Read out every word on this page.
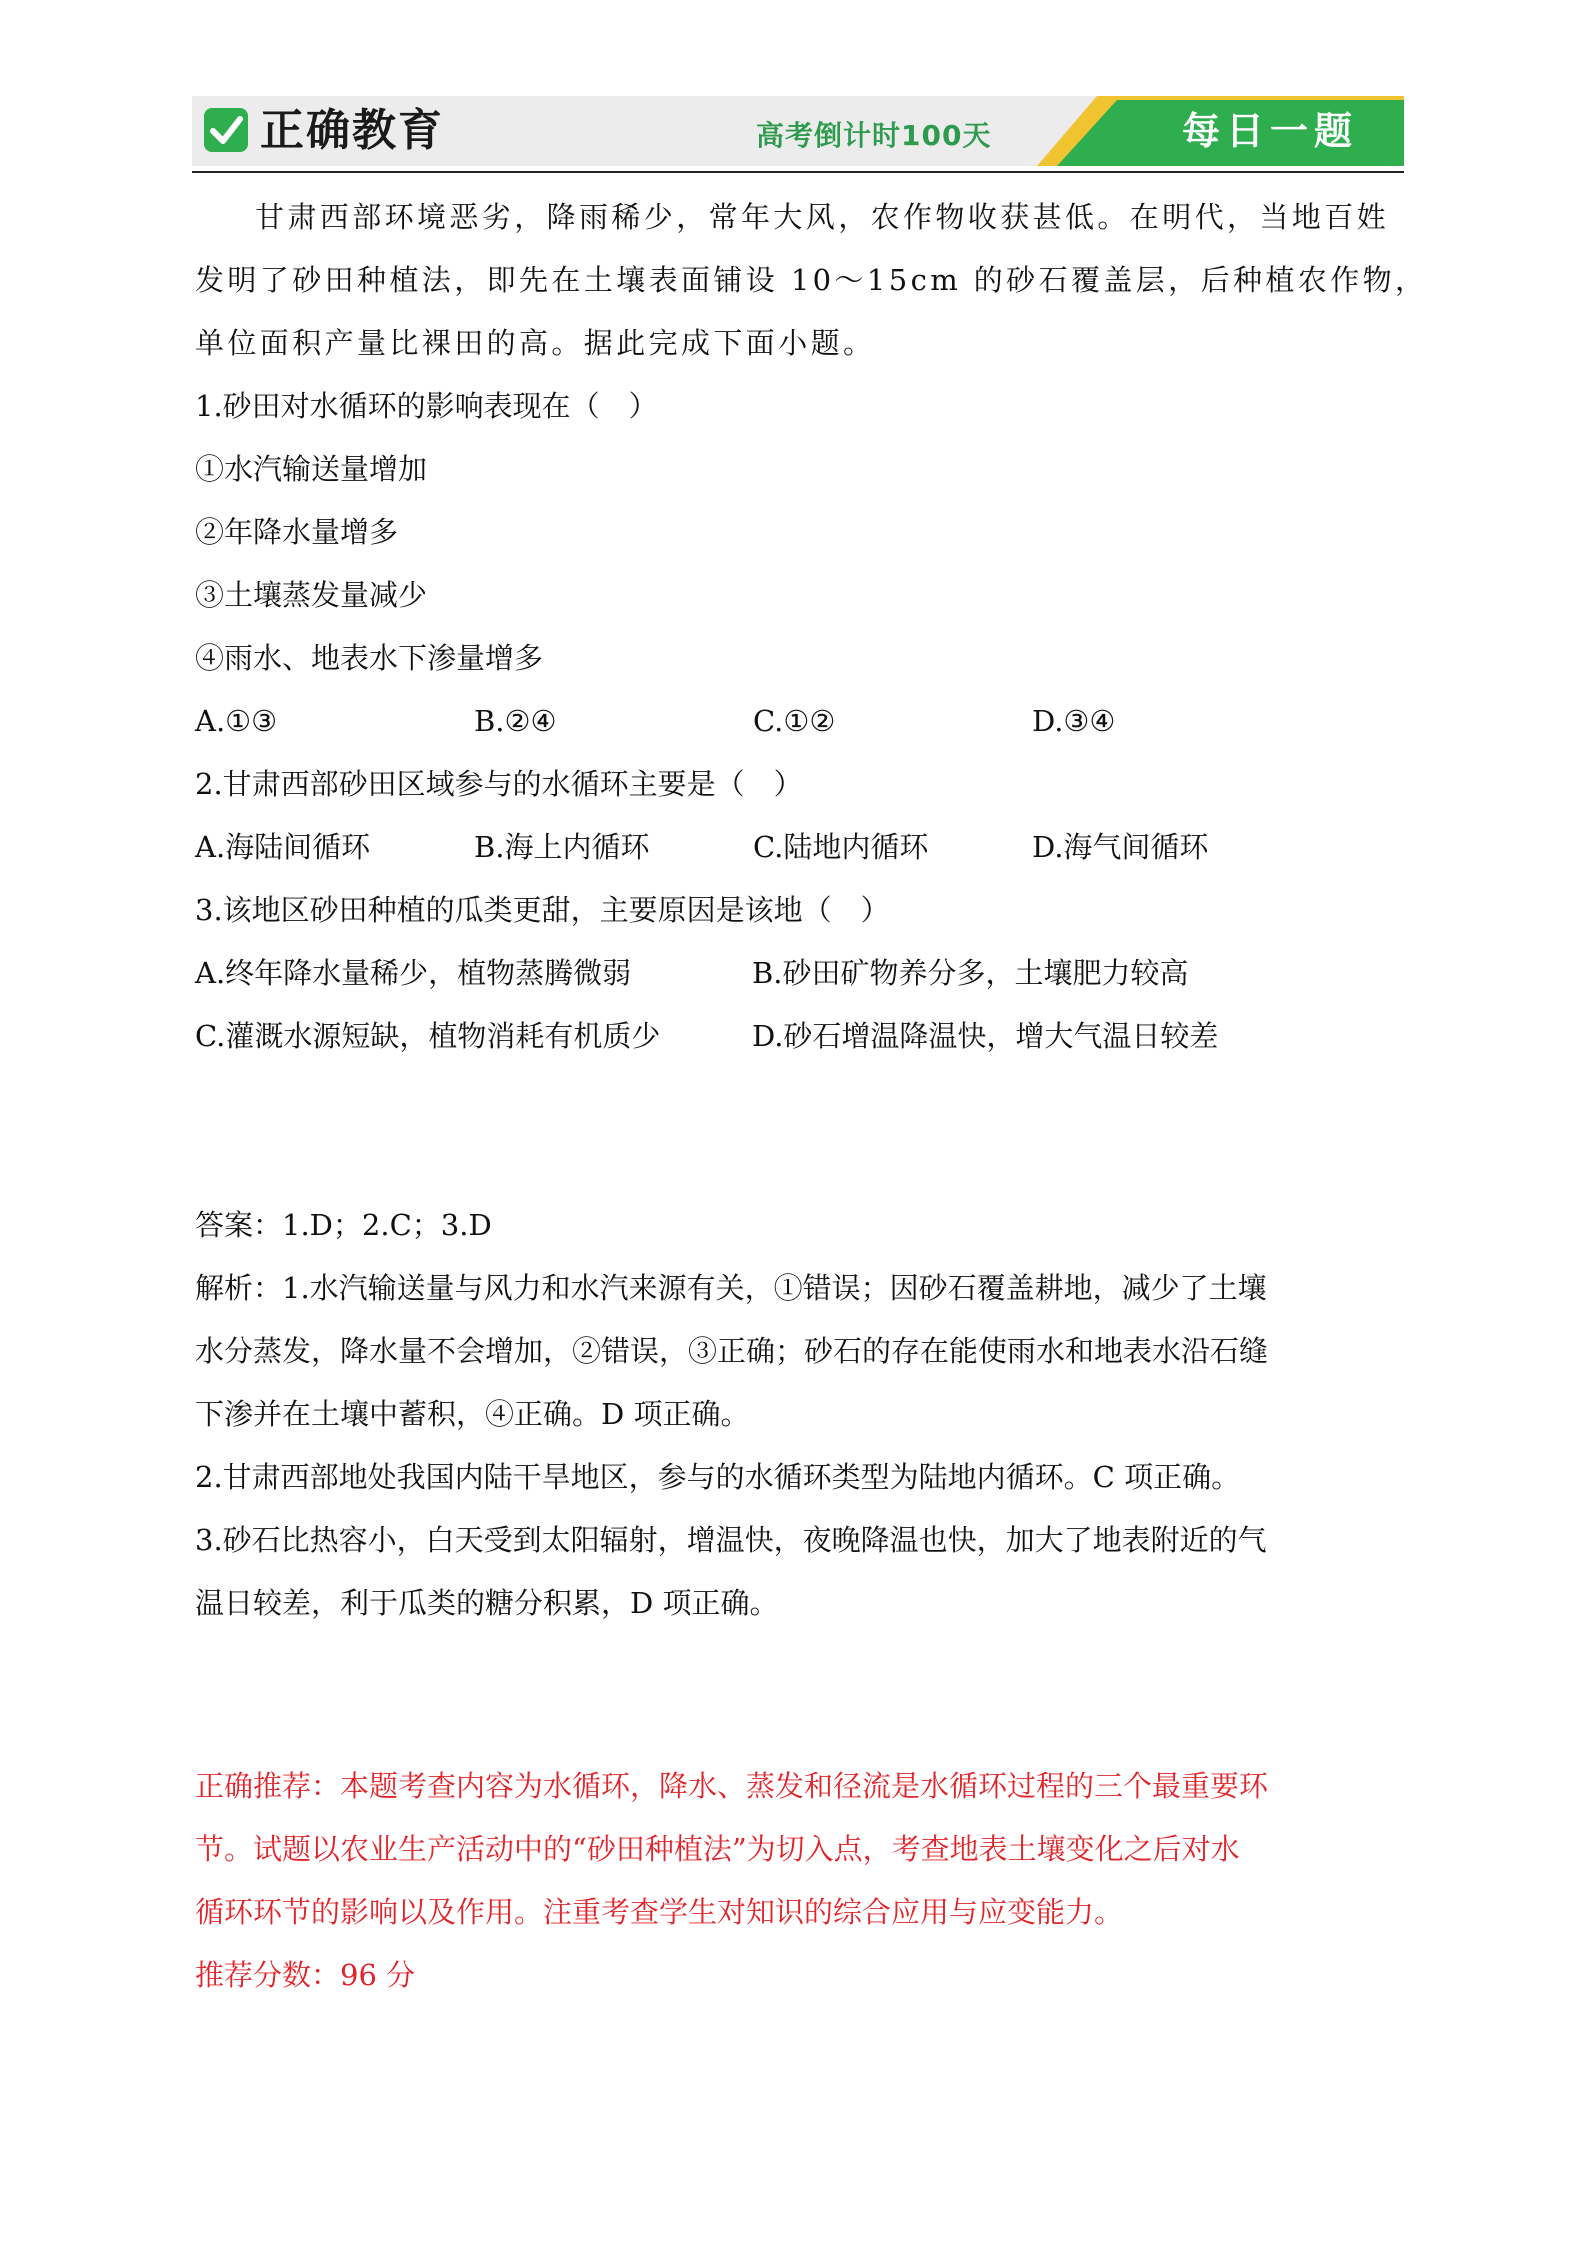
正确教育	高考倒计时100天	每日一题
甘肃西部环境恶劣，降雨稀少，常年大风，农作物收获甚低。在明代，当地百姓
发明了砂田种植法，即先在土壤表面铺设 10～15cm 的砂石覆盖层，后种植农作物，
单位面积产量比裸田的高。据此完成下面小题。
1.砂田对水循环的影响表现在（　）
①水汽输送量增加
②年降水量增多
③土壤蒸发量减少
④雨水、地表水下渗量增多
A.①③	B.②④	C.①②	D.③④
2.甘肃西部砂田区域参与的水循环主要是（　）
A.海陆间循环	B.海上内循环	C.陆地内循环	D.海气间循环
3.该地区砂田种植的瓜类更甜，主要原因是该地（　）
A.终年降水量稀少，植物蒸腾微弱	B.砂田矿物养分多，土壤肥力较高
C.灌溉水源短缺，植物消耗有机质少	D.砂石增温降温快，增大气温日较差
答案：1.D；2.C；3.D
解析：1.水汽输送量与风力和水汽来源有关，①错误；因砂石覆盖耕地，减少了土壤
水分蒸发，降水量不会增加，②错误，③正确；砂石的存在能使雨水和地表水沿石缝
下渗并在土壤中蓄积，④正确。D 项正确。
2.甘肃西部地处我国内陆干旱地区，参与的水循环类型为陆地内循环。C 项正确。
3.砂石比热容小，白天受到太阳辐射，增温快，夜晚降温也快，加大了地表附近的气
温日较差，利于瓜类的糖分积累，D 项正确。
正确推荐：本题考查内容为水循环，降水、蒸发和径流是水循环过程的三个最重要环
节。试题以农业生产活动中的“砂田种植法”为切入点，考查地表土壤变化之后对水
循环环节的影响以及作用。注重考查学生对知识的综合应用与应变能力。
推荐分数：96 分
